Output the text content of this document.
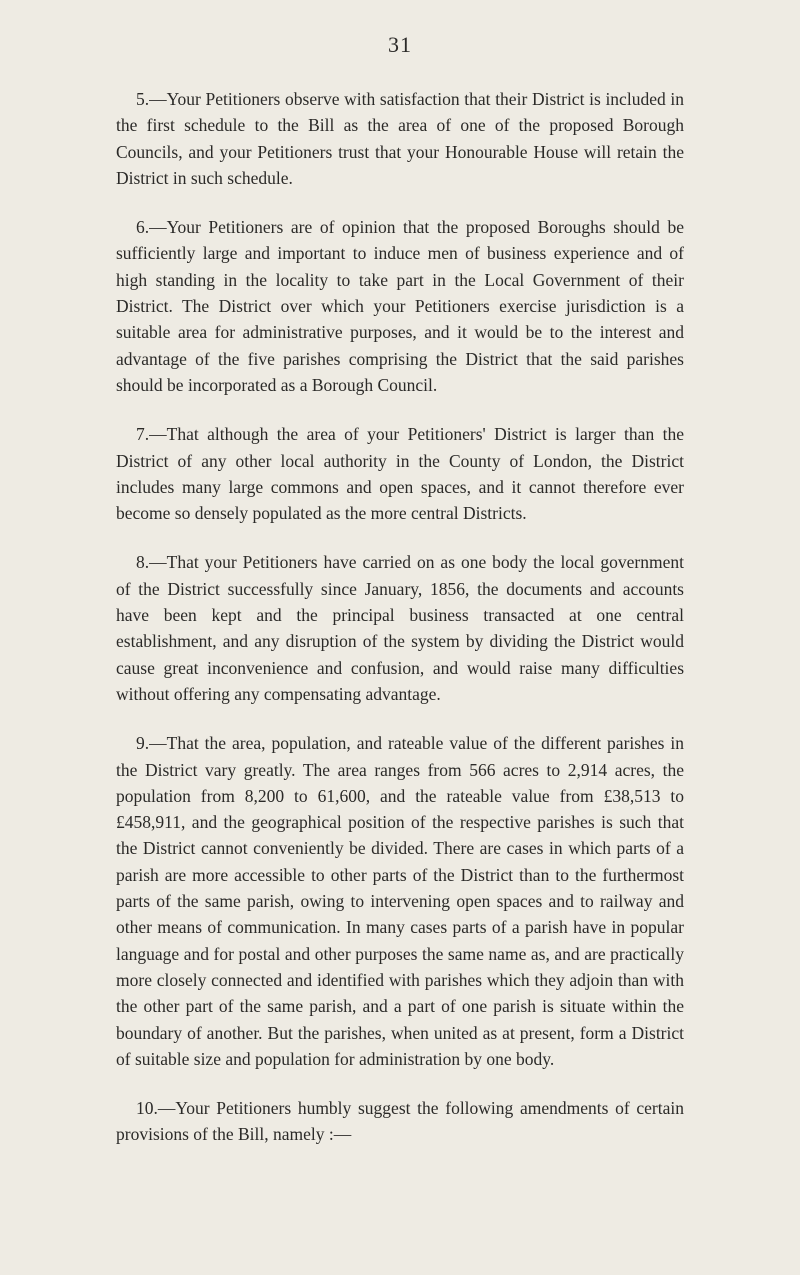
31

5.—Your Petitioners observe with satisfaction that their District is included in the first schedule to the Bill as the area of one of the proposed Borough Councils, and your Petitioners trust that your Honourable House will retain the District in such schedule.

6.—Your Petitioners are of opinion that the proposed Boroughs should be sufficiently large and important to induce men of business experience and of high standing in the locality to take part in the Local Government of their District. The District over which your Petitioners exercise jurisdiction is a suitable area for administrative purposes, and it would be to the interest and advantage of the five parishes comprising the District that the said parishes should be incorporated as a Borough Council.

7.—That although the area of your Petitioners' District is larger than the District of any other local authority in the County of London, the District includes many large commons and open spaces, and it cannot therefore ever become so densely populated as the more central Districts.

8.—That your Petitioners have carried on as one body the local government of the District successfully since January, 1856, the documents and accounts have been kept and the principal business transacted at one central establishment, and any disruption of the system by dividing the District would cause great inconvenience and confusion, and would raise many difficulties without offering any compensating advantage.

9.—That the area, population, and rateable value of the different parishes in the District vary greatly. The area ranges from 566 acres to 2,914 acres, the population from 8,200 to 61,600, and the rateable value from £38,513 to £458,911, and the geographical position of the respective parishes is such that the District cannot conveniently be divided. There are cases in which parts of a parish are more accessible to other parts of the District than to the furthermost parts of the same parish, owing to intervening open spaces and to railway and other means of communication. In many cases parts of a parish have in popular language and for postal and other purposes the same name as, and are practically more closely connected and identified with parishes which they adjoin than with the other part of the same parish, and a part of one parish is situate within the boundary of another. But the parishes, when united as at present, form a District of suitable size and population for administration by one body.

10.—Your Petitioners humbly suggest the following amendments of certain provisions of the Bill, namely :—
